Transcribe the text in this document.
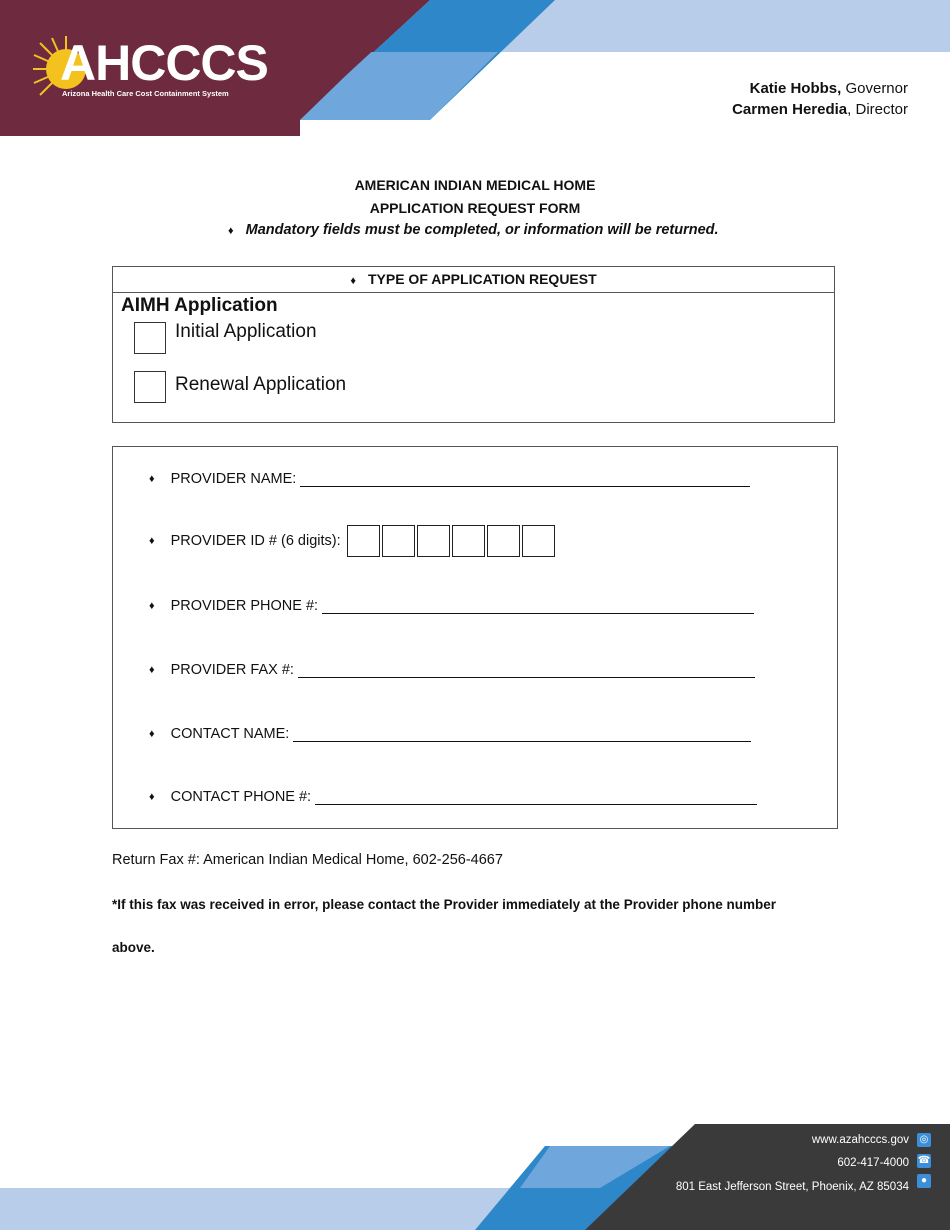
AHCCCS
Arizona Health Care Cost Containment System	Katie Hobbs, Governor
Carmen Heredia, Director
AMERICAN INDIAN MEDICAL HOME
APPLICATION REQUEST FORM
♦ Mandatory fields must be completed, or information will be returned.
♦ TYPE OF APPLICATION REQUEST
AIMH Application
Initial Application
Renewal Application
♦ PROVIDER NAME:
♦ PROVIDER ID # (6 digits):
♦ PROVIDER PHONE #:
♦ PROVIDER FAX #:
♦ CONTACT NAME:
♦ CONTACT PHONE #:
Return Fax #: American Indian Medical Home, 602-256-4667
*If this fax was received in error, please contact the Provider immediately at the Provider phone number
above.
www.azahcccs.gov ◎
602-417-4000 ☎
801 East Jefferson Street, Phoenix, AZ 85034
●
